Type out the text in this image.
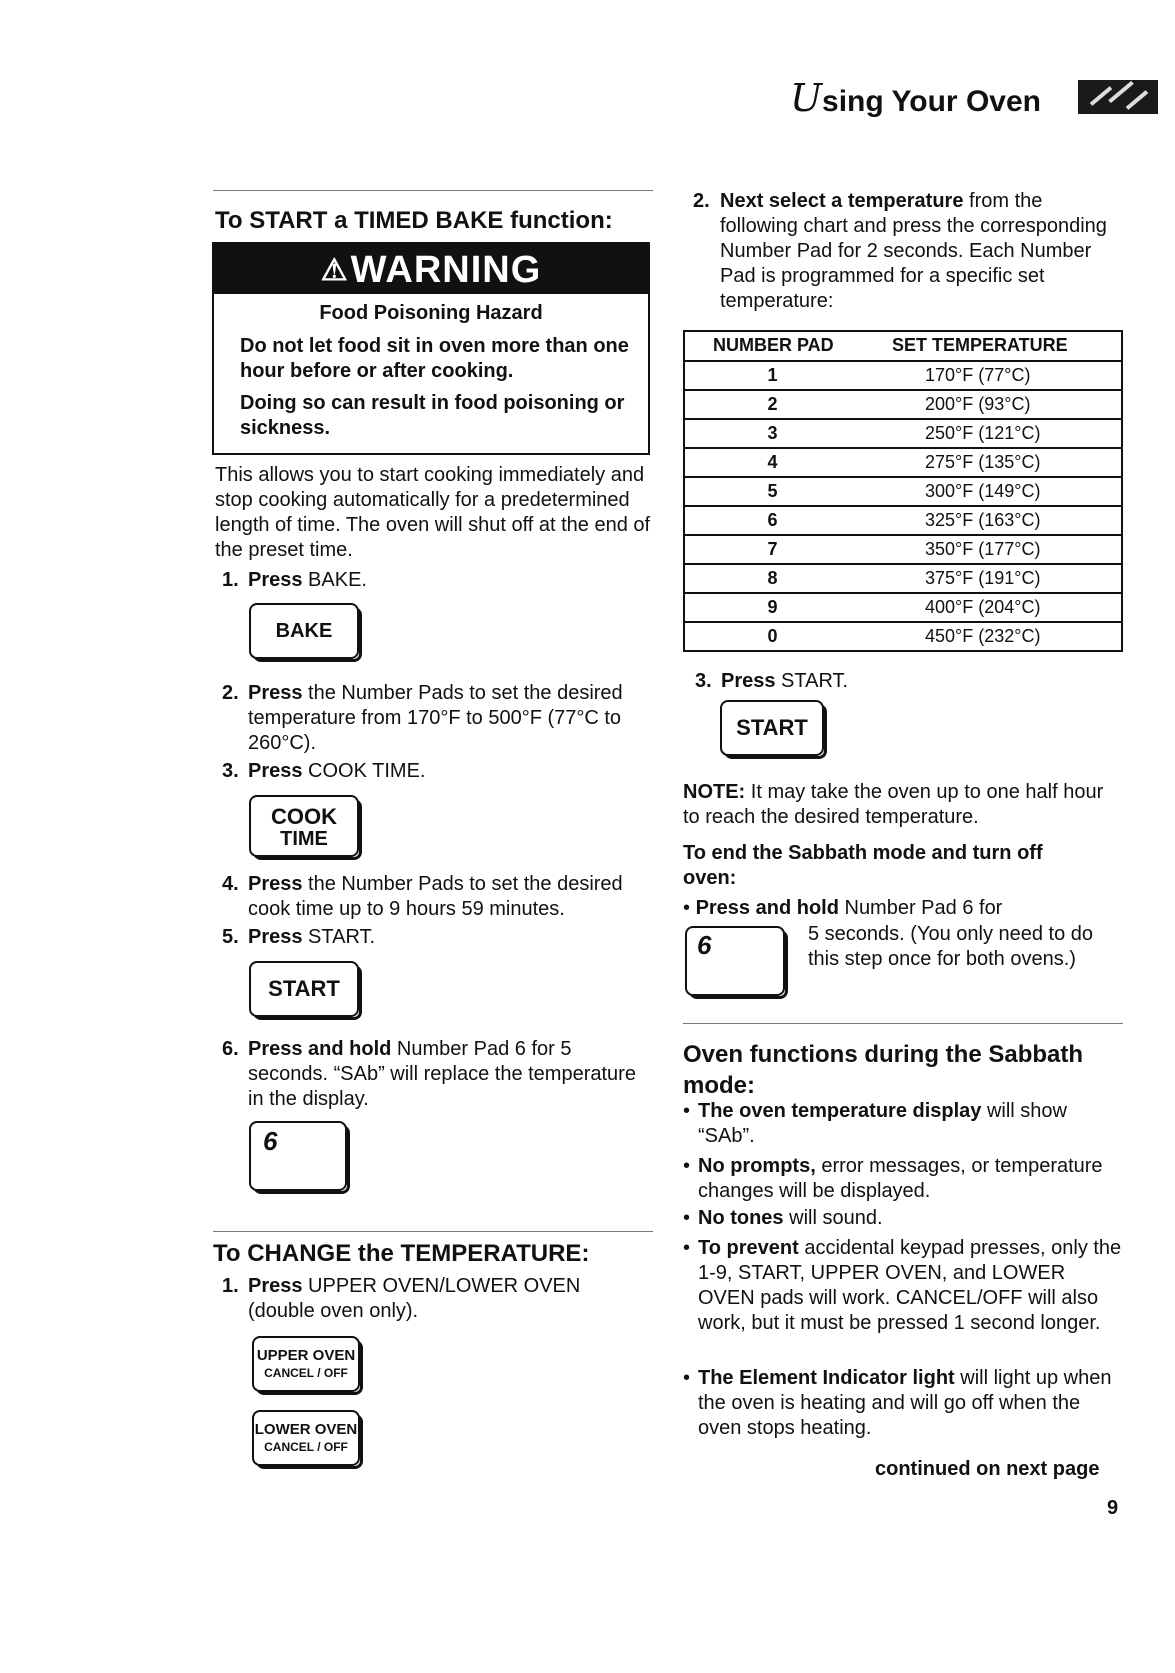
Using Your Oven
To START a TIMED BAKE function:
⚠WARNING
Food Poisoning Hazard
Do not let food sit in oven more than one hour before or after cooking.
Doing so can result in food poisoning or sickness.
This allows you to start cooking immediately and stop cooking automatically for a predetermined length of time. The oven will shut off at the end of the preset time.
1. Press BAKE.
BAKE
2. Press the Number Pads to set the desired temperature from 170°F to 500°F (77°C to 260°C).
3. Press COOK TIME.
COOK
TIME
4. Press the Number Pads to set the desired cook time up to 9 hours 59 minutes.
5. Press START.
START
6. Press and hold Number Pad 6 for 5 seconds. “SAb” will replace the temperature in the display.
6
To CHANGE the TEMPERATURE:
1. Press UPPER OVEN/LOWER OVEN (double oven only).
UPPER OVEN
CANCEL / OFF
LOWER OVEN
CANCEL / OFF
2. Next select a temperature from the following chart and press the corresponding Number Pad for 2 seconds. Each Number Pad is programmed for a specific set temperature:
NUMBER PAD	SET TEMPERATURE
1	170°F (77°C)
2	200°F (93°C)
3	250°F (121°C)
4	275°F (135°C)
5	300°F (149°C)
6	325°F (163°C)
7	350°F (177°C)
8	375°F (191°C)
9	400°F (204°C)
0	450°F (232°C)
3. Press START.
START
NOTE: It may take the oven up to one half hour to reach the desired temperature.
To end the Sabbath mode and turn off oven:
• Press and hold Number Pad 6 for
6	5 seconds. (You only need to do this step once for both ovens.)
Oven functions during the Sabbath mode:
• The oven temperature display will show “SAb”.
• No prompts, error messages, or temperature changes will be displayed.
• No tones will sound.
• To prevent accidental keypad presses, only the 1-9, START, UPPER OVEN, and LOWER OVEN pads will work. CANCEL/OFF will also work, but it must be pressed 1 second longer.
• The Element Indicator light will light up when the oven is heating and will go off when the oven stops heating.
continued on next page
9
